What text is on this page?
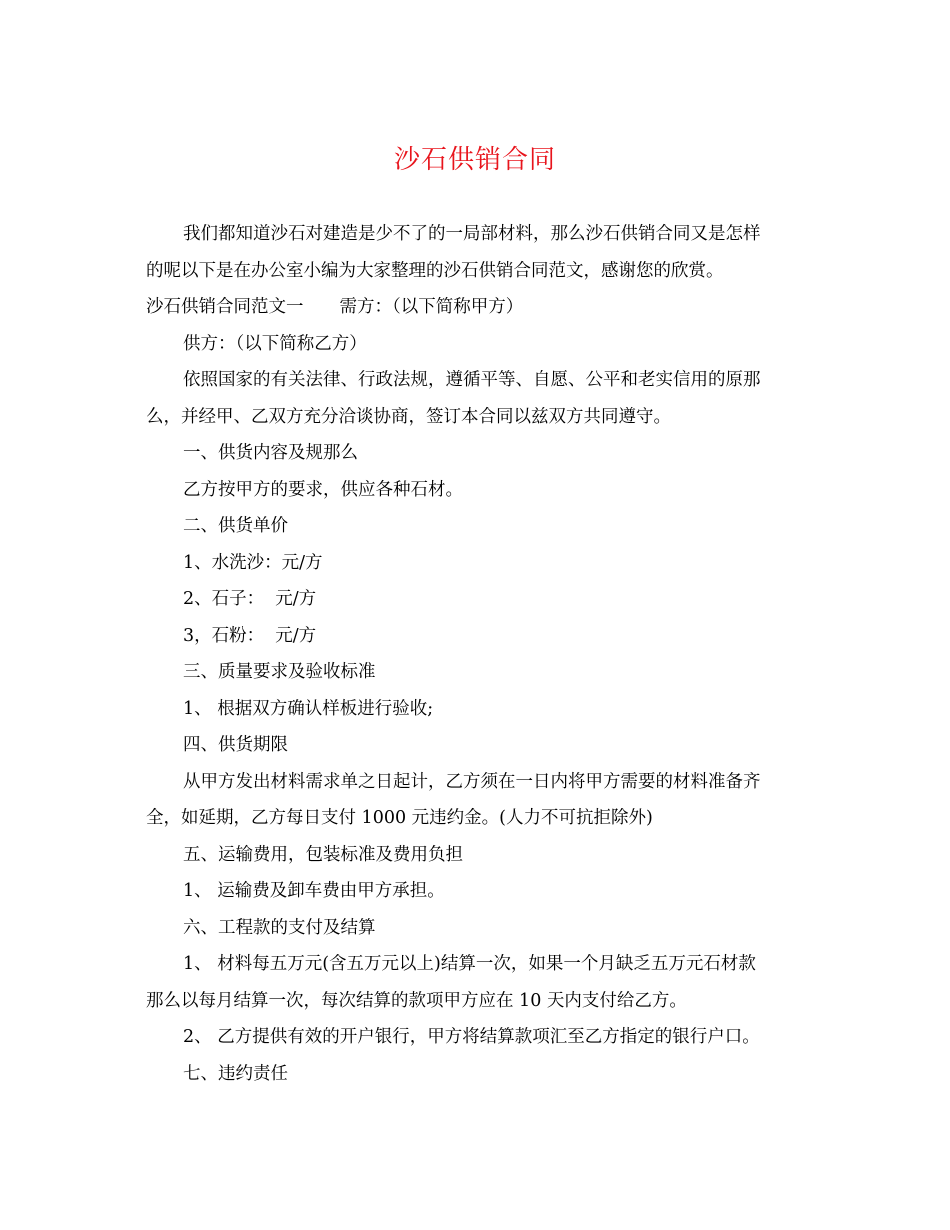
沙石供销合同
我们都知道沙石对建造是少不了的一局部材料，那么沙石供销合同又是怎样
的呢以下是在办公室小编为大家整理的沙石供销合同范文，感谢您的欣赏。
沙石供销合同范文一 需方：（以下简称甲方）
供方：（以下简称乙方）
依照国家的有关法律、行政法规，遵循平等、自愿、公平和老实信用的原那
么，并经甲、乙双方充分洽谈协商，签订本合同以兹双方共同遵守。
一、供货内容及规那么
乙方按甲方的要求，供应各种石材。
二、供货单价
1、水洗沙：元/方
2、石子：  元/方
3，石粉：  元/方
三、质量要求及验收标准
1、 根据双方确认样板进行验收;
四、供货期限
从甲方发出材料需求单之日起计，乙方须在一日内将甲方需要的材料准备齐
全，如延期，乙方每日支付 1000 元违约金。(人力不可抗拒除外)
五、运输费用，包装标准及费用负担
1、 运输费及卸车费由甲方承担。
六、工程款的支付及结算
1、 材料每五万元(含五万元以上)结算一次，如果一个月缺乏五万元石材款
那么以每月结算一次，每次结算的款项甲方应在 10 天内支付给乙方。
2、 乙方提供有效的开户银行，甲方将结算款项汇至乙方指定的银行户口。
七、违约责任
